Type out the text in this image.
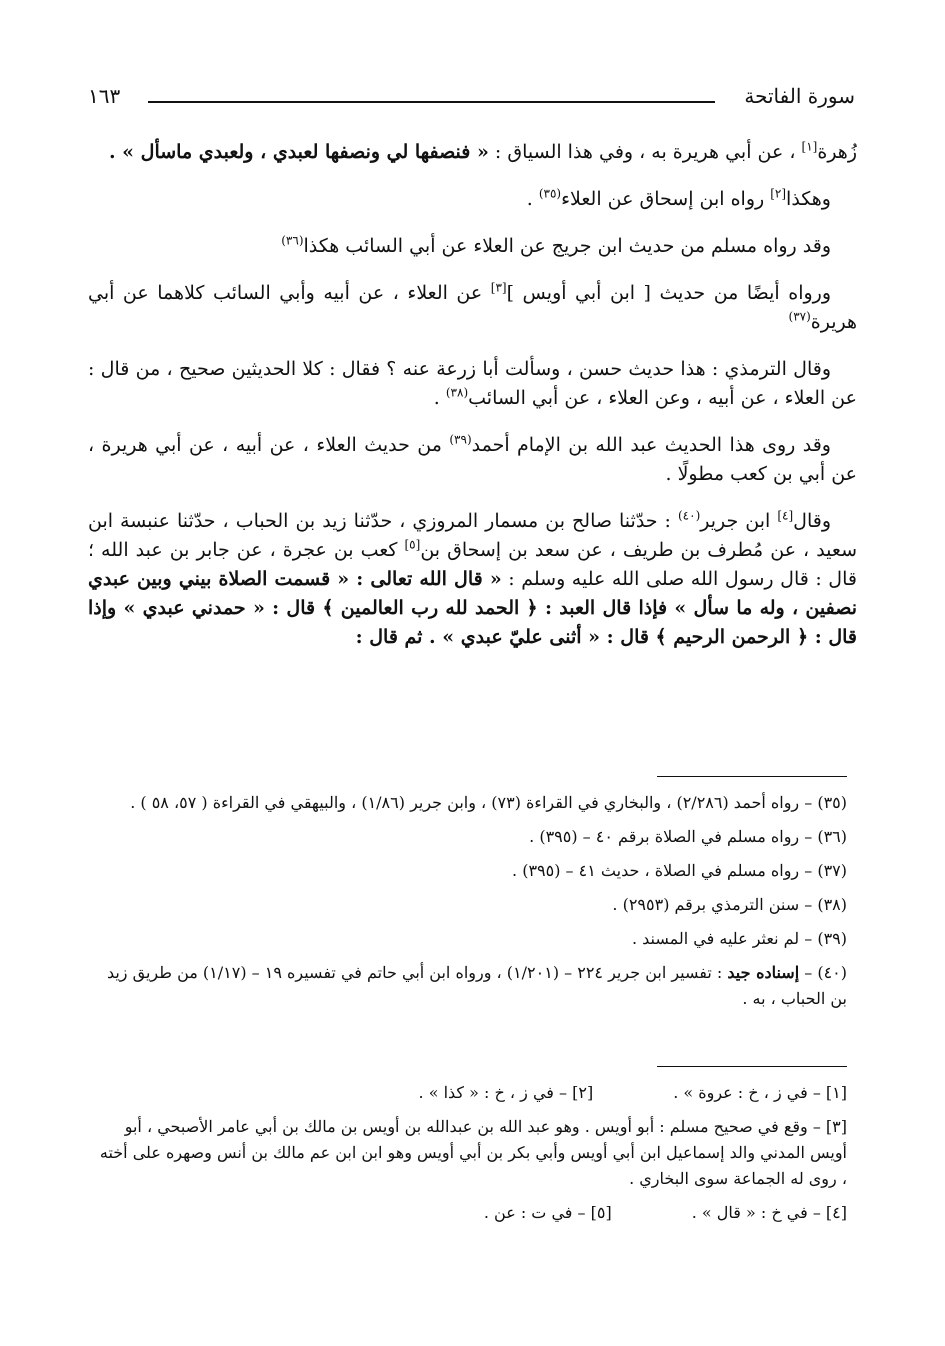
سورة الفاتحة
١٦٣

زُهرة[١] ، عن أبي هريرة به ، وفي هذا السياق : « فنصفها لي ونصفها لعبدي ، ولعبدي ماسأل » .

وهكذا[٢] رواه ابن إسحاق عن العلاء$^{(٣٥)}$ .

وقد رواه مسلم من حديث ابن جريج عن العلاء عن أبي السائب هكذا$^{(٣٦)}$

ورواه أيضًا من حديث [ ابن أبي أويس ][٣] عن العلاء ، عن أبيه وأبي السائب كلاهما عن أبي هريرة$^{(٣٧)}$

وقال الترمذي : هذا حديث حسن ، وسألت أبا زرعة عنه ؟ فقال : كلا الحديثين صحيح ، من قال : عن العلاء ، عن أبيه ، وعن العلاء ، عن أبي السائب$^{(٣٨)}$ .

وقد روى هذا الحديث عبد الله بن الإمام أحمد$^{(٣٩)}$ من حديث العلاء ، عن أبيه ، عن أبي هريرة ، عن أبي بن كعب مطولًا .

وقال[٤] ابن جرير$^{(٤٠)}$ : حدّثنا صالح بن مسمار المروزي ، حدّثنا زيد بن الحباب ، حدّثنا عنبسة ابن سعيد ، عن مُطرف بن طريف ، عن سعد بن إسحاق بن[٥] كعب بن عجرة ، عن جابر بن عبد الله ؛ قال : قال رسول الله صلى الله عليه وسلم : « قال الله تعالى : « قسمت الصلاة بيني وبين عبدي نصفين ، وله ما سأل » فإذا قال العبد : ﴿ الحمد لله رب العالمين ﴾ قال : « حمدني عبدي » وإذا قال : ﴿ الرحمن الرحيم ﴾ قال : « أثنى عليّ عبدي » . ثم قال :

(٣٥) – رواه أحمد (٢/٢٨٦) ، والبخاري في القراءة (٧٣) ، وابن جرير (١/٨٦) ، والبيهقي في القراءة ( ٥٧، ٥٨ ) .

(٣٦) – رواه مسلم في الصلاة برقم ٤٠ – (٣٩٥) .

(٣٧) – رواه مسلم في الصلاة ، حديث ٤١ – (٣٩٥) .

(٣٨) – سنن الترمذي برقم (٢٩٥٣) .

(٣٩) – لم نعثر عليه في المسند .

(٤٠) – إسناده جيد : تفسير ابن جرير ٢٢٤ – (١/٢٠١) ، ورواه ابن أبي حاتم في تفسيره ١٩ – (١/١٧) من طريق زيد بن الحباب ، به .

[١] – في ز ، خ : عروة » .
[٢] – في ز ، خ : « كذا » .

[٣] – وقع في صحيح مسلم : أبو أويس . وهو عبد الله بن عبدالله بن أويس بن مالك بن أبي عامر الأصبحي ، أبو أويس المدني والد إسماعيل ابن أبي أويس وأبي بكر بن أبي أويس وهو ابن ابن عم مالك بن أنس وصهره على أخته ، روى له الجماعة سوى البخاري .

[٤] – في خ : « قال » .
[٥] – في ت : عن .
